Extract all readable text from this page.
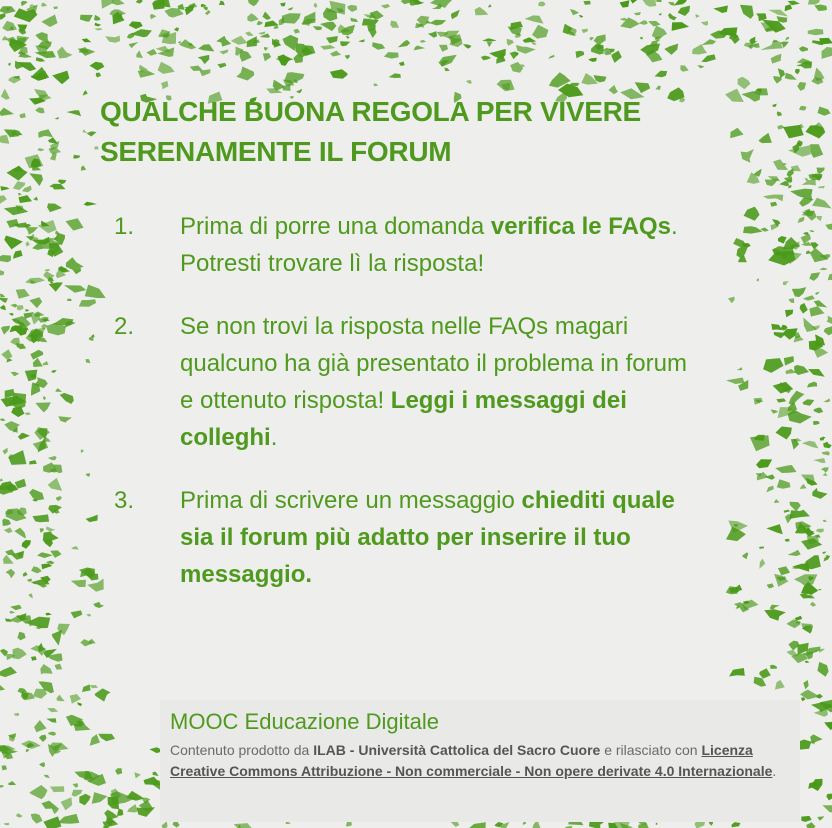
QUALCHE BUONA REGOLA PER VIVERE
SERENAMENTE IL FORUM
1.	Prima di porre una domanda verifica le FAQs. Potresti trovare lì la risposta!
2.	Se non trovi la risposta nelle FAQs magari qualcuno ha già presentato il problema in forum e ottenuto risposta! Leggi i messaggi dei colleghi.
3.	Prima di scrivere un messaggio chiediti quale sia il forum più adatto per inserire il tuo messaggio.
MOOC Educazione Digitale
Contenuto prodotto da ILAB - Università Cattolica del Sacro Cuore e rilasciato con Licenza Creative Commons Attribuzione - Non commerciale - Non opere derivate 4.0 Internazionale.
